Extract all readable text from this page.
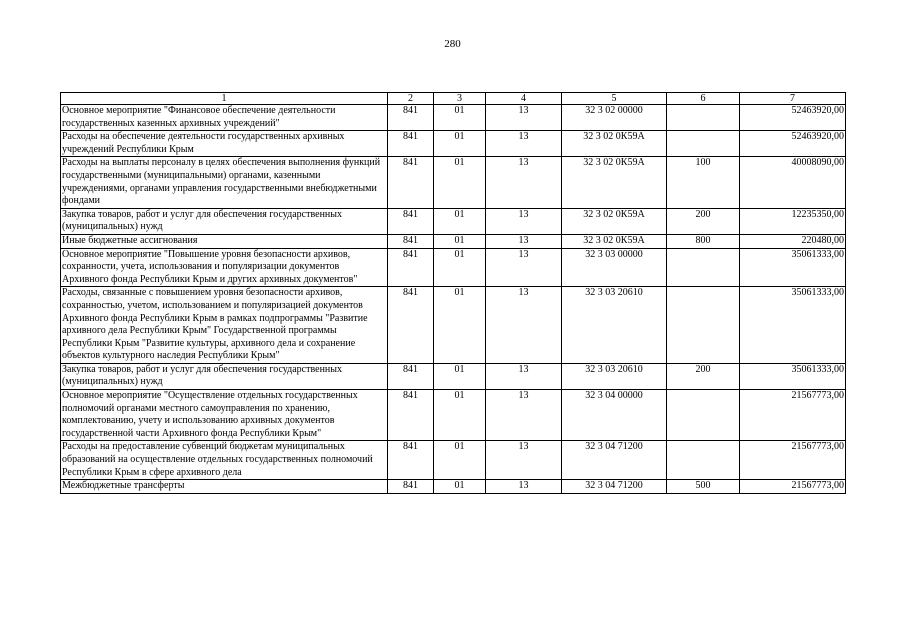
280
1	2	3	4	5	6	7
Основное мероприятие "Финансовое обеспечение деятельности государственных казенных архивных учреждений"	841	01	13	32 3 02 00000		52463920,00
Расходы на обеспечение деятельности государственных архивных учреждений Республики Крым	841	01	13	32 3 02 0К59А		52463920,00
Расходы на выплаты персоналу в целях обеспечения выполнения функций государственными (муниципальными) органами, казенными учреждениями, органами управления государственными внебюджетными фондами	841	01	13	32 3 02 0К59А	100	40008090,00
Закупка товаров, работ и услуг для обеспечения государственных (муниципальных) нужд	841	01	13	32 3 02 0К59А	200	12235350,00
Иные бюджетные ассигнования	841	01	13	32 3 02 0К59А	800	220480,00
Основное мероприятие "Повышение уровня безопасности архивов, сохранности, учета, использования и популяризации документов Архивного фонда Республики Крым и других архивных документов"	841	01	13	32 3 03 00000		35061333,00
Расходы, связанные с повышением уровня безопасности архивов, сохранностью, учетом, использованием и популяризацией документов Архивного фонда Республики Крым в рамках подпрограммы "Развитие архивного дела Республики Крым" Государственной программы Республики Крым "Развитие культуры, архивного дела и сохранение объектов культурного наследия Республики Крым"	841	01	13	32 3 03 20610		35061333,00
Закупка товаров, работ и услуг для обеспечения государственных (муниципальных) нужд	841	01	13	32 3 03 20610	200	35061333,00
Основное мероприятие "Осуществление отдельных государственных полномочий органами местного самоуправления по хранению, комплектованию, учету и использованию архивных документов государственной части Архивного фонда Республики Крым"	841	01	13	32 3 04 00000		21567773,00
Расходы на предоставление субвенций бюджетам муниципальных образований на осуществление отдельных государственных полномочий Республики Крым в сфере архивного дела	841	01	13	32 3 04 71200		21567773,00
Межбюджетные трансферты	841	01	13	32 3 04 71200	500	21567773,00
